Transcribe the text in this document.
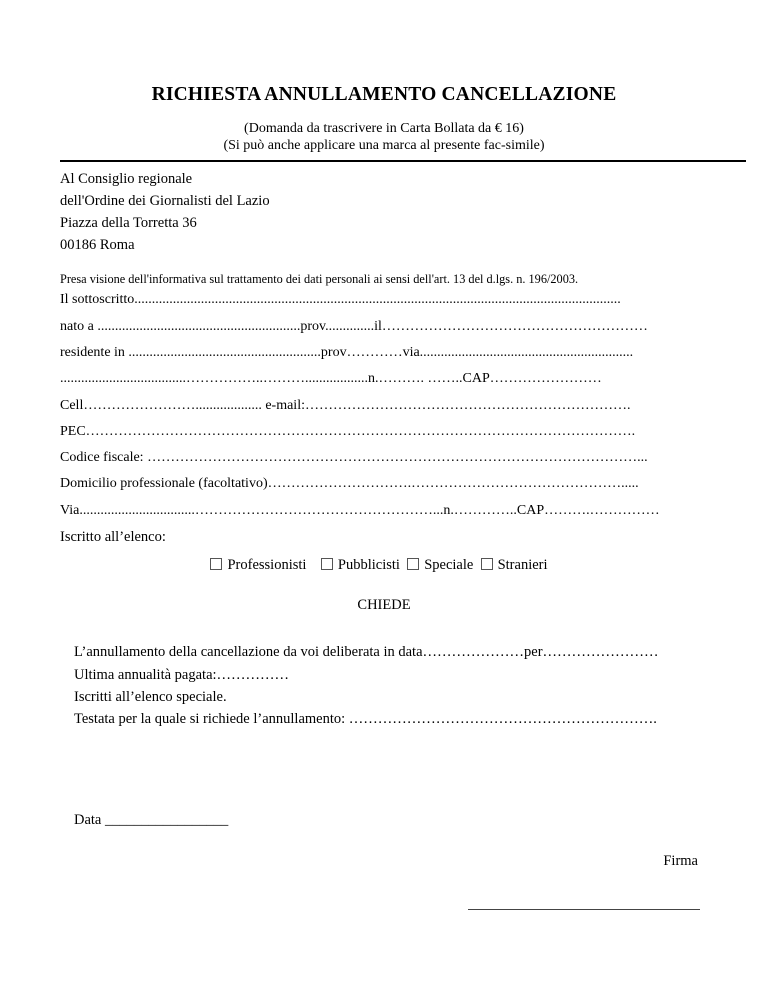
RICHIESTA ANNULLAMENTO CANCELLAZIONE
(Domanda da trascrivere in Carta Bollata da € 16)
(Si può anche applicare una marca al presente fac-simile)
Al Consiglio regionale
dell'Ordine dei Giornalisti del Lazio
Piazza della Torretta 36
00186 Roma
Presa visione dell'informativa sul trattamento dei dati personali ai sensi dell'art. 13 del d.lgs. n. 196/2003.
Il sottoscritto...........................................................................................................................................
nato a ..........................................................prov..............il…………………………………………………
residente in .......................................................prov…………via.............................................................
....................................……………..………..................n.………. ……..CAP……………………
Cell……………………................... e-mail:…………………………………………………………….
PEC……………………………………………………………………………………………………….
Codice fiscale: ……………………………………………………………………………………………...
Domicilio professionale (facoltativo)………………………….……………………………………….....
Via.................................……………………………………………...n.…………..CAP……….……………
Iscritto all’elenco:
Professionisti Pubblicisti Speciale Stranieri
CHIEDE
L’annullamento della cancellazione da voi deliberata in data…………………per……………………
Ultima annualità pagata:……………
Iscritti all’elenco speciale.
Testata per la quale si richiede l’annullamento: ……………………………………………………….
Data _________________
Firma
